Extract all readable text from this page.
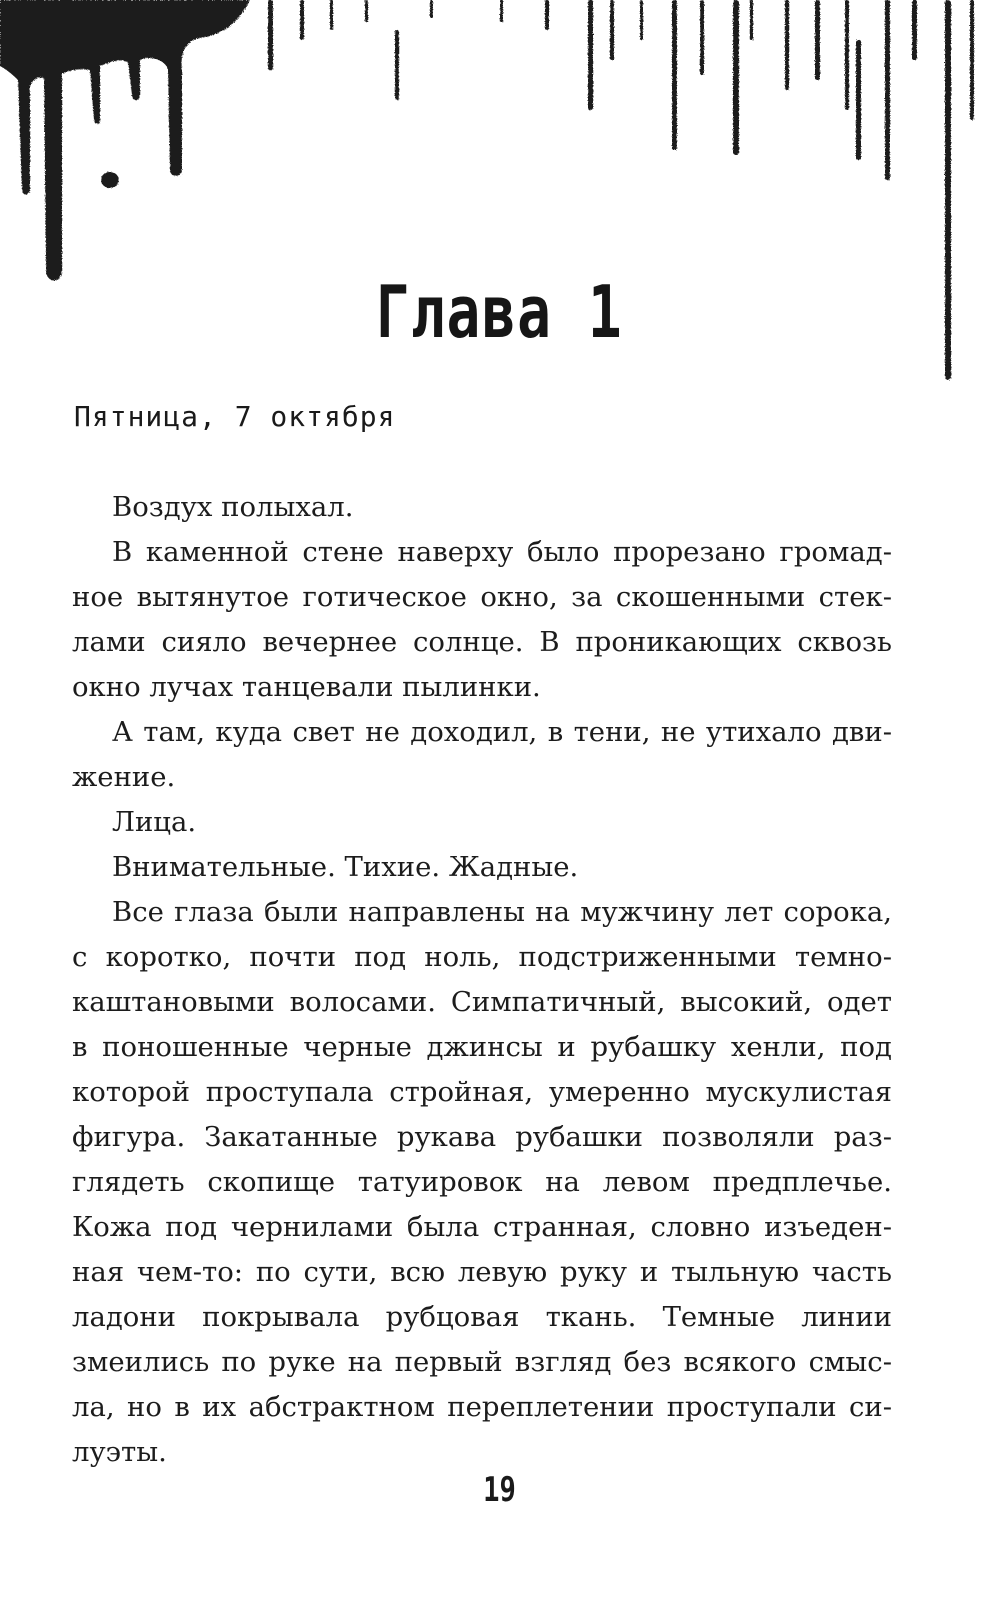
Глава 1
Пятница, 7 октября
Воздух полыхал.
В каменной стене наверху было прорезано громад-
ное вытянутое готическое окно, за скошенными стек-
лами сияло вечернее солнце. В проникающих сквозь
окно лучах танцевали пылинки.
А там, куда свет не доходил, в тени, не утихало дви-
жение.
Лица.
Внимательные. Тихие. Жадные.
Все глаза были направлены на мужчину лет сорока,
с коротко, почти под ноль, подстриженными темно-
каштановыми волосами. Симпатичный, высокий, одет
в поношенные черные джинсы и рубашку хенли, под
которой проступала стройная, умеренно мускулистая
фигура. Закатанные рукава рубашки позволяли раз-
глядеть скопище татуировок на левом предплечье.
Кожа под чернилами была странная, словно изъеден-
ная чем-то: по сути, всю левую руку и тыльную часть
ладони покрывала рубцовая ткань. Темные линии
змеились по руке на первый взгляд без всякого смыс-
ла, но в их абстрактном переплетении проступали си-
луэты.
19
